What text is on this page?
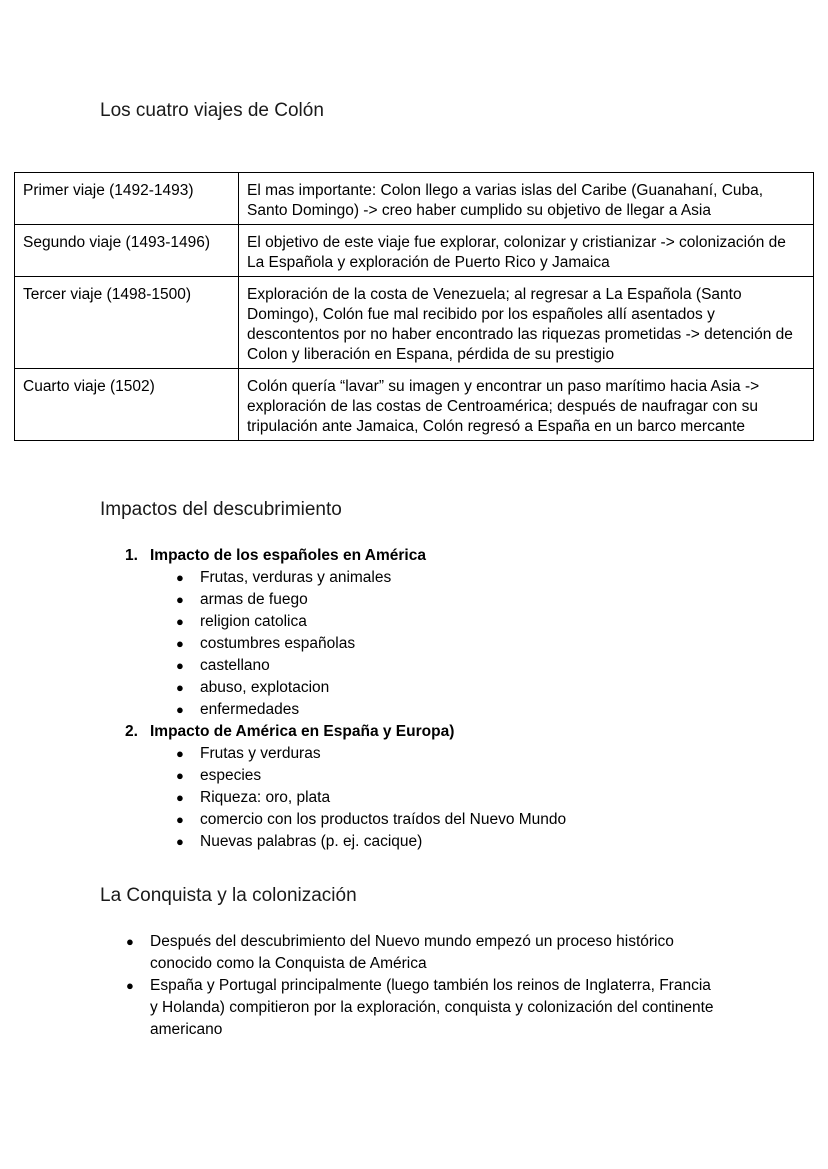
Los cuatro viajes de Colón
Primer viaje (1492-1493)	El mas importante: Colon llego a varias islas del Caribe (Guanahaní, Cuba, Santo Domingo) -> creo haber cumplido su objetivo de llegar a Asia
Segundo viaje (1493-1496)	El objetivo de este viaje fue explorar, colonizar y cristianizar -> colonización de La Española y exploración de Puerto Rico y Jamaica
Tercer viaje (1498-1500)	Exploración de la costa de Venezuela; al regresar a La Española (Santo Domingo), Colón fue mal recibido por los españoles allí asentados y descontentos por no haber encontrado las riquezas prometidas -> detención de Colon y liberación en Espana, pérdida de su prestigio
Cuarto viaje (1502)	Colón quería “lavar” su imagen y encontrar un paso marítimo hacia Asia -> exploración de las costas de Centroamérica; después de naufragar con su tripulación ante Jamaica, Colón regresó a España en un barco mercante
Impactos del descubrimiento
1. Impacto de los españoles en América
● Frutas, verduras y animales
● armas de fuego
● religion catolica
● costumbres españolas
● castellano
● abuso, explotacion
● enfermedades
2. Impacto de América en España y Europa)
● Frutas y verduras
● especies
● Riqueza: oro, plata
● comercio con los productos traídos del Nuevo Mundo
● Nuevas palabras (p. ej. cacique)
La Conquista y la colonización
● Después del descubrimiento del Nuevo mundo empezó un proceso histórico conocido como la Conquista de América
● España y Portugal principalmente (luego también los reinos de Inglaterra, Francia y Holanda) compitieron por la exploración, conquista y colonización del continente americano
